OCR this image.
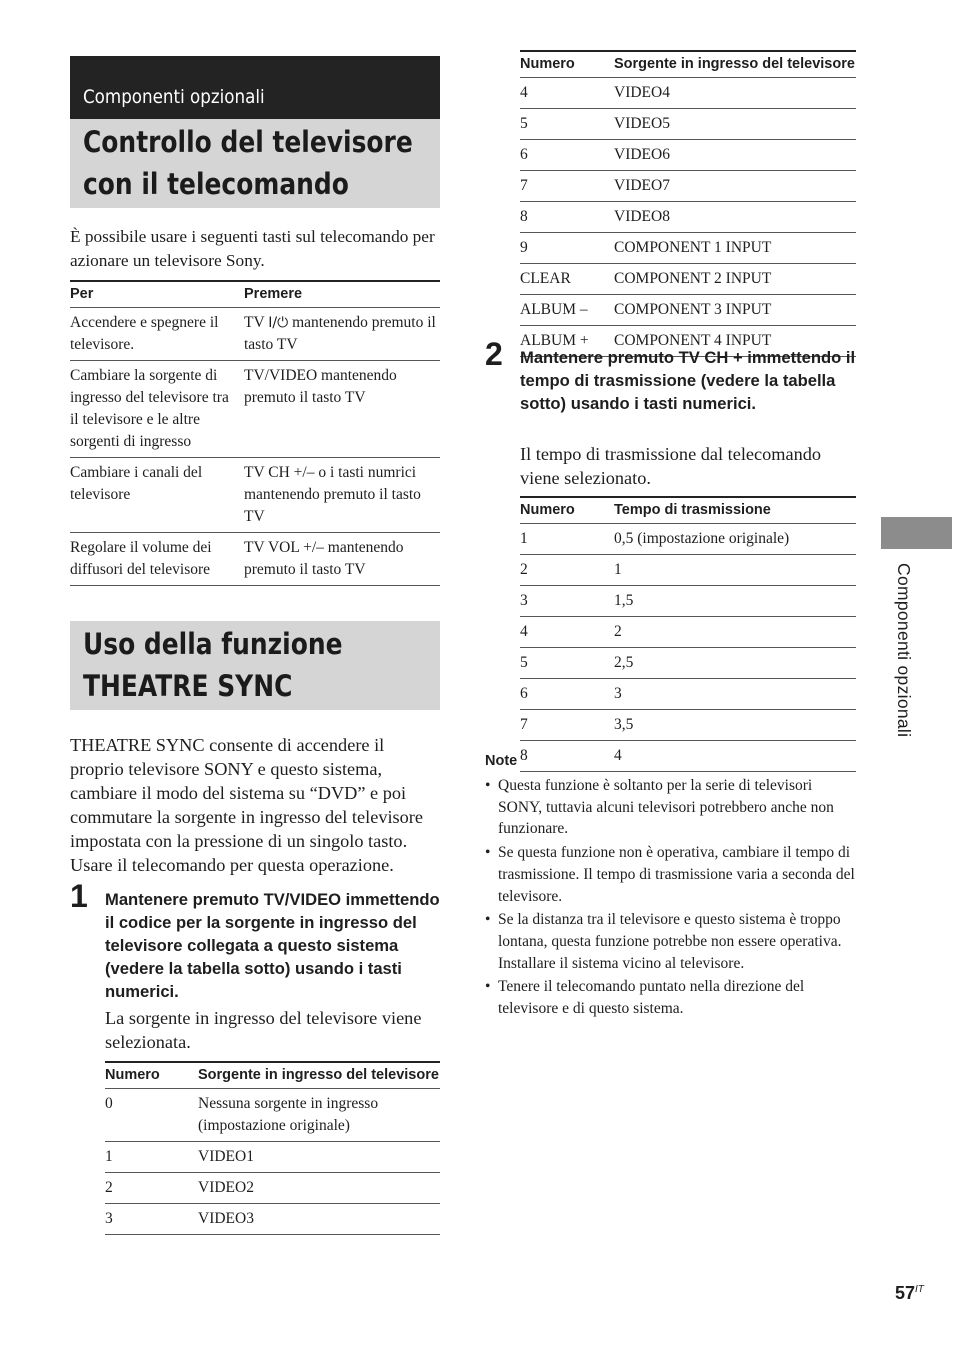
Componenti opzionali
Controllo del televisore
con il telecomando

È possibile usare i seguenti tasti sul telecomando per azionare un televisore Sony.

Per	Premere
Accendere e spegnere il televisore.	TV I/⏻ mantenendo premuto il tasto TV
Cambiare la sorgente di ingresso del televisore tra il televisore e le altre sorgenti di ingresso	TV/VIDEO mantenendo premuto il tasto TV
Cambiare i canali del televisore	TV CH +/– o i tasti numrici mantenendo premuto il tasto TV
Regolare il volume dei diffusori del televisore	TV VOL +/– mantenendo premuto il tasto TV
Uso della funzione
THEATRE SYNC

THEATRE SYNC consente di accendere il proprio televisore SONY e questo sistema, cambiare il modo del sistema su “DVD” e poi commutare la sorgente in ingresso del televisore impostata con la pressione di un singolo tasto. Usare il telecomando per questa operazione.

1 Mantenere premuto TV/VIDEO immettendo il codice per la sorgente in ingresso del televisore collegata a questo sistema (vedere la tabella sotto) usando i tasti numerici.

La sorgente in ingresso del televisore viene selezionata.

Numero	Sorgente in ingresso del televisore
0	Nessuna sorgente in ingresso (impostazione originale)
1	VIDEO1
2	VIDEO2
3	VIDEO3
Numero	Sorgente in ingresso del televisore
4	VIDEO4
5	VIDEO5
6	VIDEO6
7	VIDEO7
8	VIDEO8
9	COMPONENT 1 INPUT
CLEAR	COMPONENT 2 INPUT
ALBUM –	COMPONENT 3 INPUT
ALBUM +	COMPONENT 4 INPUT
2 Mantenere premuto TV CH + immettendo il tempo di trasmissione (vedere la tabella sotto) usando i tasti numerici.

Il tempo di trasmissione dal telecomando viene selezionato.

Numero	Tempo di trasmissione
1	0,5 (impostazione originale)
2	1
3	1,5
4	2
5	2,5
6	3
7	3,5
8	4
Note
• Questa funzione è soltanto per la serie di televisori SONY, tuttavia alcuni televisori potrebbero anche non funzionare.
• Se questa funzione non è operativa, cambiare il tempo di trasmissione. Il tempo di trasmissione varia a seconda del televisore.
• Se la distanza tra il televisore e questo sistema è troppo lontana, questa funzione potrebbe non essere operativa. Installare il sistema vicino al televisore.
• Tenere il telecomando puntato nella direzione del televisore e di questo sistema.
Componenti opzionali
$57^{IT}$
